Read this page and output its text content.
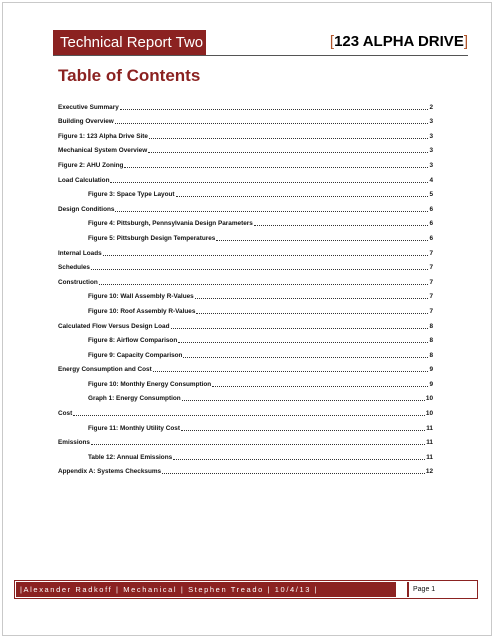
Technical Report Two	[123 ALPHA DRIVE]
Table of Contents
Executive Summary	2
Building Overview	3
Figure 1: 123 Alpha Drive Site	3
Mechanical System Overview	3
Figure 2: AHU Zoning	3
Load Calculation	4
Figure 3: Space Type Layout	5
Design Conditions	6
Figure 4: Pittsburgh, Pennsylvania Design Parameters	6
Figure 5: Pittsburgh Design Temperatures	6
Internal Loads	7
Schedules	7
Construction	7
Figure 10: Wall Assembly R-Values	7
Figure 10: Roof Assembly R-Values	7
Calculated Flow Versus Design Load	8
Figure 8: Airflow Comparison	8
Figure 9: Capacity Comparison	8
Energy Consumption and Cost	9
Figure 10: Monthly Energy Consumption	9
Graph 1: Energy Consumption	10
Cost	10
Figure 11: Monthly Utility Cost	11
Emissions	11
Table 12: Annual Emissions	11
Appendix A: Systems Checksums	12
|Alexander Radkoff | Mechanical | Stephen Treado | 10/4/13 |	Page 1
